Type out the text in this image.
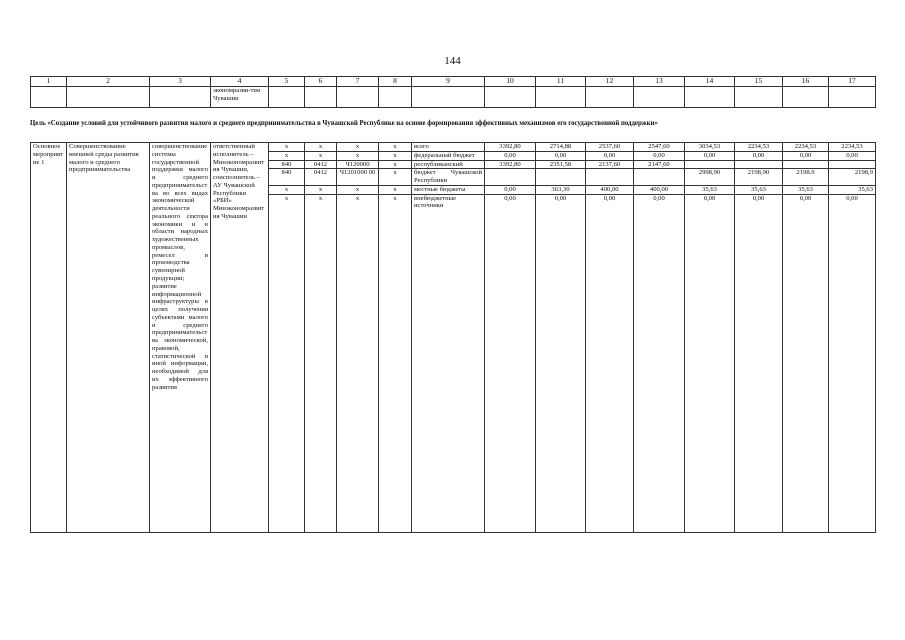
144
1	2	3	4	5	6	7	8	9	10	11	12	13	14	15	16	17
			экономразви-тия Чувашии													
Цель «Создание условий для устойчивого развития малого и среднего предпринимательства в Чувашской Республике на основе формирования эффективных механизмов его государственной поддержки»
Основное мероприятие 1	Совершенствование внешней среды развития малого и среднего предпринимательства	совершенствование системы государственной поддержки малого и среднего предпринимательства во всех видах экономической деятельности реального сектора экономики и в области народных художественных промыслов, ремесел и производства сувенирной продукции; развитие информационной инфраструктуры в целях получения субъектами малого и среднего предпринимательства экономической, правовой, статистической и иной информации, необходимой для их эффективного развития	ответственный исполнитель – Минэкономразвития Чувашии, соисполнитель – АУ Чувашской Республики «РБИ» Минэкономразвития Чувашии	x	x	x	x	всего	3392,80	2714,88	2537,60	2547,60	3034,53	2234,53	2234,53	2234,53
				x	x	x	x	федеральный бюджет	0,00	0,00	0,00	0,00	0,00	0,00	0,00	0,00
				840	0412	Ч120000	x	республиканский	3392,80	2351,58	2137,60	2147,60				
				840	0412	Ч1201000 00	x	бюджет Чувашской Республики					2998,90	2198,90	2198.9	2198,9
				x	x	x	x	местные бюджеты	0,00	363,30	400,00	400,00	35,63	35,63	35,63	35,63
				x	x	x	x	внебюджетные источники	0,00	0,00	0,00	0,00	0,00	0,00	0,00	0,00
